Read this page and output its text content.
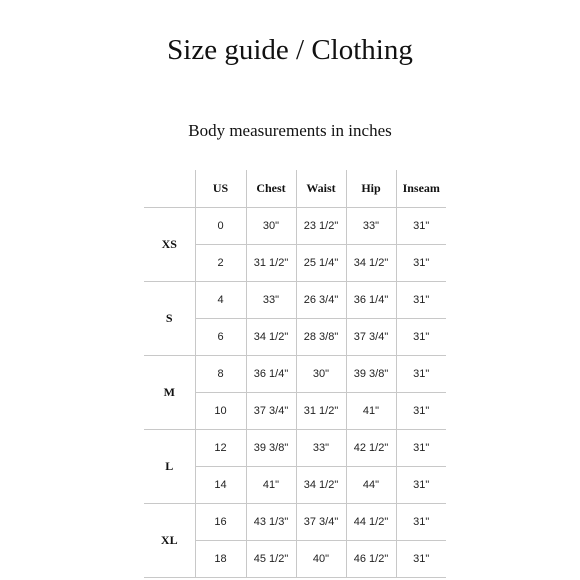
Size guide / Clothing
Body measurements in inches
	US	Chest	Waist	Hip	Inseam
XS	0	30"	23 1/2"	33"	31"
	2	31 1/2"	25 1/4"	34 1/2"	31"
S	4	33"	26 3/4"	36 1/4"	31"
	6	34 1/2"	28 3/8"	37 3/4"	31"
M	8	36 1/4"	30"	39 3/8"	31"
	10	37 3/4"	31 1/2"	41"	31"
L	12	39 3/8"	33"	42 1/2"	31"
	14	41"	34 1/2"	44"	31"
XL	16	43 1/3"	37 3/4"	44 1/2"	31"
	18	45 1/2"	40"	46 1/2"	31"
